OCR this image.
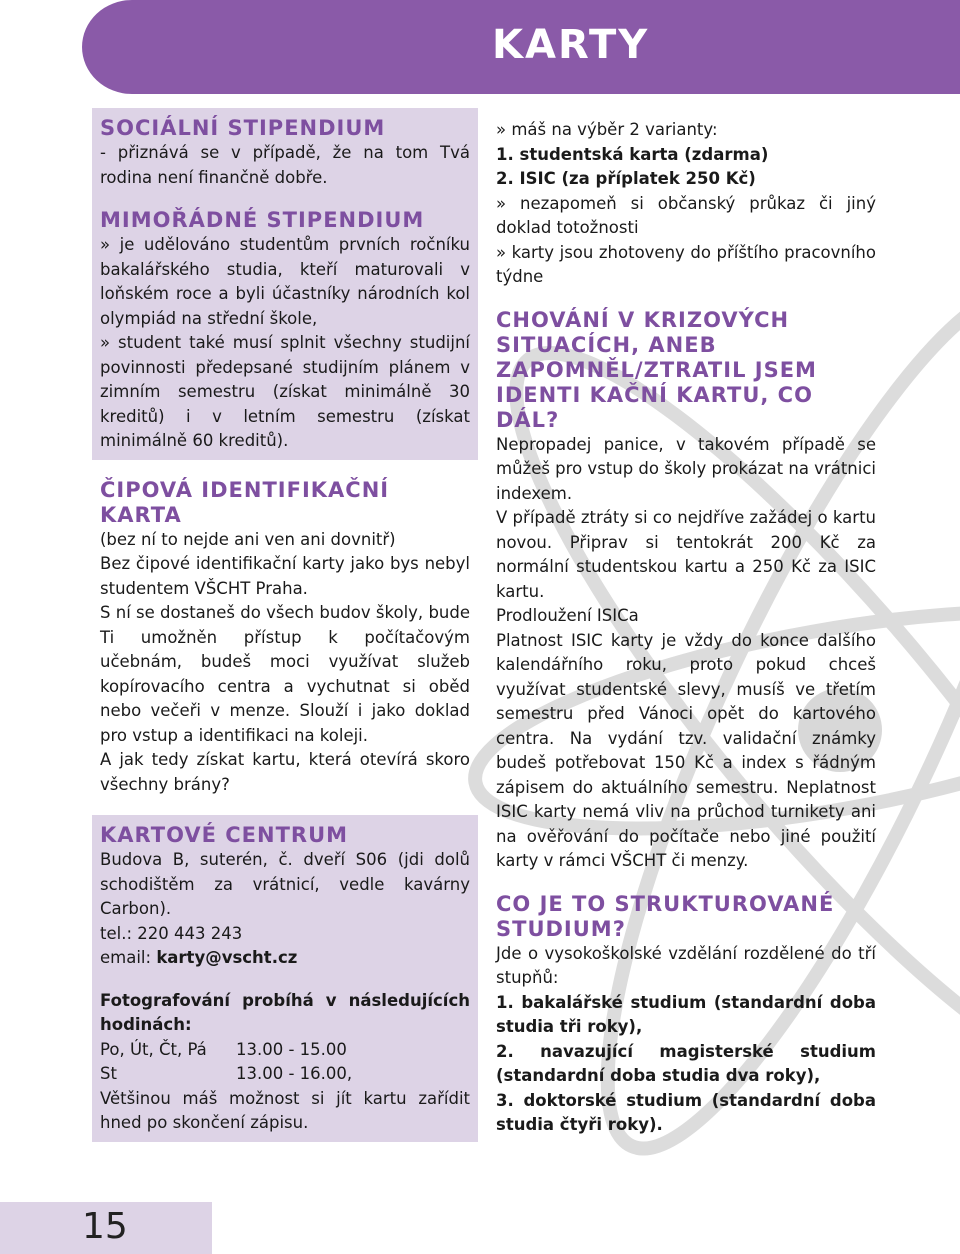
KARTY
SOCIÁLNÍ STIPENDIUM

- přiznává se v případě, že na tom Tvá rodina není finančně dobře.

MIMOŘÁDNÉ STIPENDIUM

» je udělováno studentům prvních ročníku bakalářského studia, kteří maturovali v loňském roce a byli účastníky národních kol olympiád na střední škole,

» student také musí splnit všechny studijní povinnosti předepsané studijním plánem v zimním semestru (získat minimálně 30 kreditů) i v letním semestru (získat minimálně 60 kreditů).

ČIPOVÁ IDENTIFIKAČNÍ KARTA

(bez ní to nejde ani ven ani dovnitř)

Bez čipové identifikační karty jako bys nebyl studentem VŠCHT Praha.

S ní se dostaneš do všech budov školy, bude Ti umožněn přístup k počítačovým učebnám, budeš moci využívat služeb kopírovacího centra a vychutnat si oběd nebo večeři v menze. Slouží i jako doklad pro vstup a identifikaci na koleji.

A jak tedy získat kartu, která otevírá skoro všechny brány?

KARTOVÉ CENTRUM

Budova B, suterén, č. dveří S06 (jdi dolů schodištěm za vrátnicí, vedle kavárny Carbon).

tel.: 220 443 243

email: karty@vscht.cz

Fotografování probíhá v následujících hodinách:

Po, Út, Čt, Pá 13.00 - 15.00

St	13.00 - 16.00,

Většinou máš možnost si jít kartu zařídit hned po skončení zápisu.

» máš na výběr 2 varianty:

1. studentská karta (zdarma)

2. ISIC (za příplatek 250 Kč)

» nezapomeň si občanský průkaz či jiný doklad totožnosti

» karty jsou zhotoveny do příštího pracovního týdne

CHOVÁNÍ V KRIZOVÝCH SITUACÍCH, ANEB ZAPOMNĚL/ZTRATIL JSEM IDENTI KAČNÍ KARTU, CO DÁL?

Nepropadej panice, v takovém případě se můžeš pro vstup do školy prokázat na vrátnici indexem.

V případě ztráty si co nejdříve zažádej o kartu novou. Připrav si tentokrát 200 Kč za normální studentskou kartu a 250 Kč za ISIC kartu.

Prodloužení ISICa

Platnost ISIC karty je vždy do konce dalšího kalendářního roku, proto pokud chceš využívat studentské slevy, musíš ve třetím semestru před Vánoci opět do kartového centra. Na vydání tzv. validační známky budeš potřebovat 150 Kč a index s řádným zápisem do aktuálního semestru. Neplatnost ISIC karty nemá vliv na průchod turnikety ani na ověřování do počítače nebo jiné použití karty v rámci VŠCHT či menzy.

CO JE TO STRUKTUROVANÉ STUDIUM?

Jde o vysokoškolské vzdělání rozdělené do tří stupňů:

1. bakalářské studium (standardní doba studia tři roky),

2. navazující magisterské studium (standardní doba studia dva roky),

3. doktorské studium (standardní doba studia čtyři roky).

15
